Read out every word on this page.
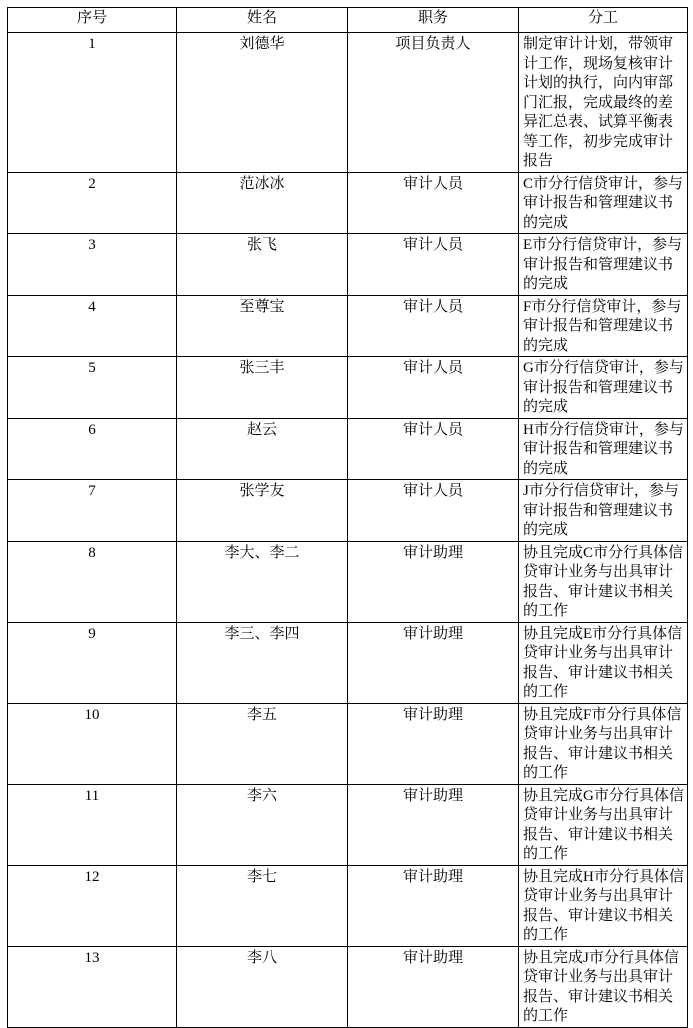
序号	姓名	职务	分工
1	刘德华	项目负责人	制定审计计划，带领审计工作，现场复核审计计划的执行，向内审部门汇报，完成最终的差异汇总表、试算平衡表等工作，初步完成审计报告
2	范冰冰	审计人员	C市分行信贷审计，参与审计报告和管理建议书的完成
3	张飞	审计人员	E市分行信贷审计，参与审计报告和管理建议书的完成
4	至尊宝	审计人员	F市分行信贷审计，参与审计报告和管理建议书的完成
5	张三丰	审计人员	G市分行信贷审计，参与审计报告和管理建议书的完成
6	赵云	审计人员	H市分行信贷审计，参与审计报告和管理建议书的完成
7	张学友	审计人员	J市分行信贷审计，参与审计报告和管理建议书的完成
8	李大、李二	审计助理	协且完成C市分行具体信贷审计业务与出具审计报告、审计建议书相关的工作
9	李三、李四	审计助理	协且完成E市分行具体信贷审计业务与出具审计报告、审计建议书相关的工作
10	李五	审计助理	协且完成F市分行具体信贷审计业务与出具审计报告、审计建议书相关的工作
11	李六	审计助理	协且完成G市分行具体信贷审计业务与出具审计报告、审计建议书相关的工作
12	李七	审计助理	协且完成H市分行具体信贷审计业务与出具审计报告、审计建议书相关的工作
13	李八	审计助理	协且完成J市分行具体信贷审计业务与出具审计报告、审计建议书相关的工作
